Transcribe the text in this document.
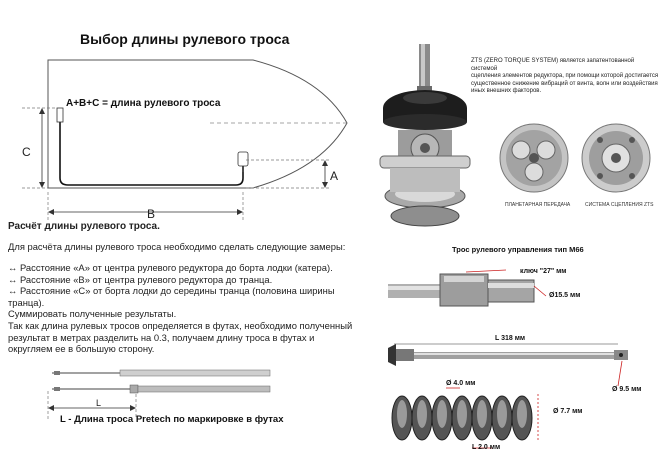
Выбор длины рулевого троса
A+B+C = длина рулевого троса
C
A
B
Расчёт длины рулевого троса.
Для расчёта длины рулевого троса необходимо сделать следующие замеры:
↔ Расстояние «А» от центра рулевого редуктора до борта лодки (катера).
↔ Расстояние «В» от центра рулевого редуктора до транца.
↔ Расстояние «С» от борта лодки до середины транца (половина ширины
транца).
Суммировать полученные результаты.
Так как длина рулевых тросов определяется в футах, необходимо полученный
результат в метрах разделить на 0.3, получаем длину троса в футах и
округляем ее в большую сторону.
L
L - Длина троса Pretech по маркировке в футах
ZTS (ZERO TORQUE SYSTEM) является запатентованной системой
сцепления элементов редуктора, при помощи которой достигается
существенное снижение вибраций от винта, волн или воздействия
иных внешних факторов.
ПЛАНЕТАРНАЯ ПЕРЕДАЧА	СИСТЕМА СЦЕПЛЕНИЯ ZTS
Трос рулевого управления тип М66
ключ "27" мм
Ø15.5 мм
L 318 мм
Ø 9.5 мм
Ø 4.0 мм
Ø 7.7 мм
L 2.0 мм
